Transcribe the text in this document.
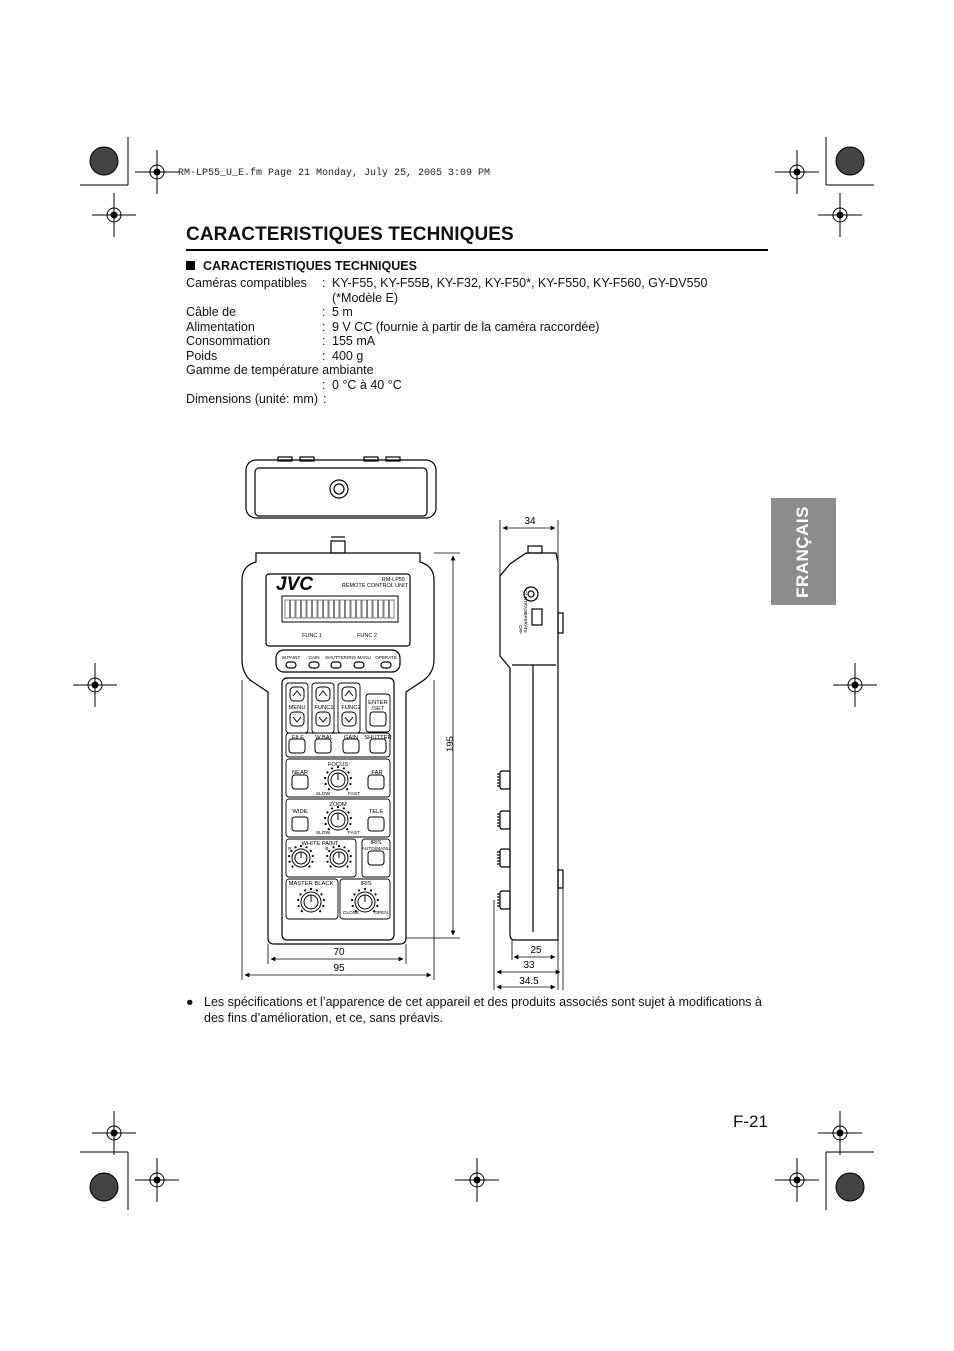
RM-LP55_U_E.fm Page 21 Monday, July 25, 2005 3:09 PM
CARACTERISTIQUES TECHNIQUES
CARACTERISTIQUES TECHNIQUES
Caméras compatibles : KY-F55, KY-F55B, KY-F32, KY-F50*, KY-F550, KY-F560, GY-DV550
(*Modèle E)
Câble de	: 5 m
Alimentation	: 9 V CC (fournie à partir de la caméra raccordée)
Consommation	: 155 mA
Poids	: 400 g
Gamme de température ambiante
: 0 °C à 40 °C
Dimensions (unité: mm) :
FRANÇAIS
JVC	RM-LP55
REMOTE CONTROL UNIT
FUNC 1	FUNC 2
W.PAINT GAIN SHUTTER IRIS MANU OPERATE
MENU FUNC1 FUNC2
ENTER
/SET
FILE W.BAL GAIN SHUTTER
FOCUS
NEAR	FAR
SLOW	FAST
ZOOM
WIDE	TELE
SLOW	FAST
WHITE PAINT
R	B
IRIS
AUTO/MANU
MASTER BLACK	IRIS
CLOSE	OPEN
195
70
95
34
25
33
34.5
CONTRAST
OPERATE
OFF
● Les spécifications et l’apparence de cet appareil et des produits associés sont sujet à modifications à des fins d’amélioration, et ce, sans préavis.
F-21
